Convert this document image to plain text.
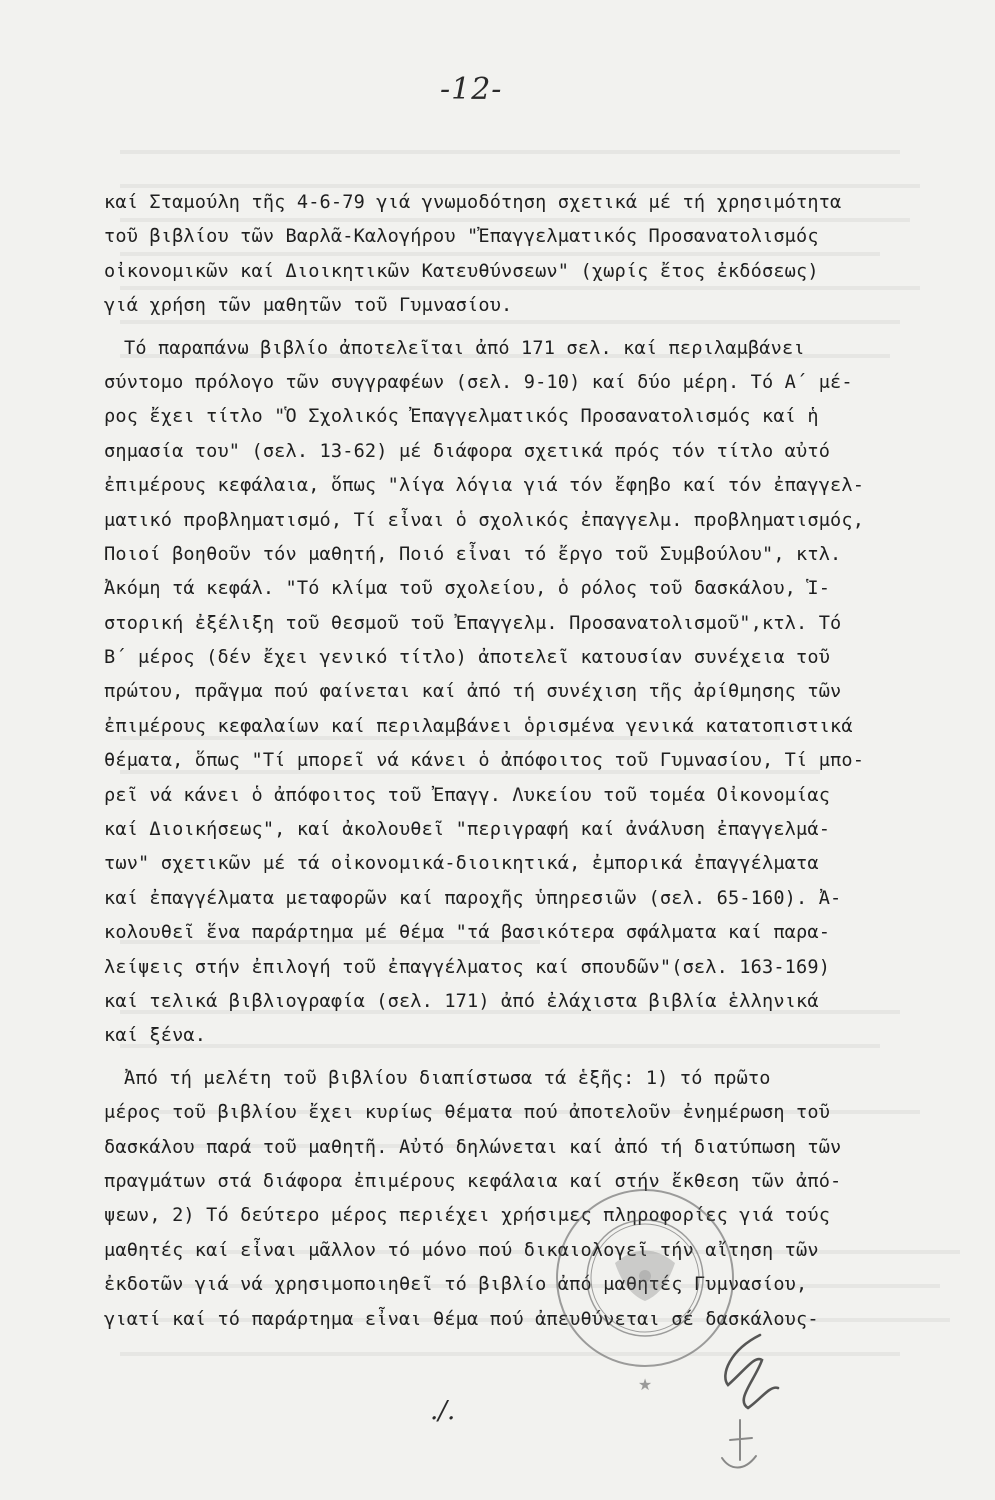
-12-
καί Σταμούλη τῆς 4-6-79 γιά γνωμοδότηση σχετικά μέ τή χρησιμότητα
τοῦ βιβλίου τῶν Βαρλᾶ-Καλογήρου "Ἐπαγγελματικός Προσανατολισμός
οἰκονομικῶν καί Διοικητικῶν Κατευθύνσεων" (χωρίς ἔτος ἐκδόσεως)
γιά χρήση τῶν μαθητῶν τοῦ Γυμνασίου.
Τό παραπάνω βιβλίο ἀποτελεῖται ἀπό 171 σελ. καί περιλαμβάνει
σύντομο πρόλογο τῶν συγγραφέων (σελ. 9-10) καί δύο μέρη. Τό Α΄ μέ-
ρος ἔχει τίτλο "Ὁ Σχολικός Ἐπαγγελματικός Προσανατολισμός καί ἡ
σημασία του" (σελ. 13-62) μέ διάφορα σχετικά πρός τόν τίτλο αὐτό
ἐπιμέρους κεφάλαια, ὅπως "λίγα λόγια γιά τόν ἔφηβο καί τόν ἐπαγγελ-
ματικό προβληματισμό, Τί εἶναι ὁ σχολικός ἐπαγγελμ. προβληματισμός,
Ποιοί βοηθοῦν τόν μαθητή, Ποιό εἶναι τό ἔργο τοῦ Συμβούλου", κτλ.
Ἀκόμη τά κεφάλ. "Τό κλίμα τοῦ σχολείου, ὁ ρόλος τοῦ δασκάλου, Ἱ-
στορική ἐξέλιξη τοῦ θεσμοῦ τοῦ Ἐπαγγελμ. Προσανατολισμοῦ",κτλ. Τό
Β΄ μέρος (δέν ἔχει γενικό τίτλο) ἀποτελεῖ κατουσίαν συνέχεια τοῦ
πρώτου, πρᾶγμα πού φαίνεται καί ἀπό τή συνέχιση τῆς ἀρίθμησης τῶν
ἐπιμέρους κεφαλαίων καί περιλαμβάνει ὁρισμένα γενικά κατατοπιστικά
θέματα, ὅπως "Τί μπορεῖ νά κάνει ὁ ἀπόφοιτος τοῦ Γυμνασίου, Τί μπο-
ρεῖ νά κάνει ὁ ἀπόφοιτος τοῦ Ἐπαγγ. Λυκείου τοῦ τομέα Οἰκονομίας
καί Διοικήσεως", καί ἀκολουθεῖ "περιγραφή καί ἀνάλυση ἐπαγγελμά-
των" σχετικῶν μέ τά οἰκονομικά-διοικητικά, ἐμπορικά ἐπαγγέλματα
καί ἐπαγγέλματα μεταφορῶν καί παροχῆς ὑπηρεσιῶν (σελ. 65-160). Ἀ-
κολουθεῖ ἕνα παράρτημα μέ θέμα "τά βασικότερα σφάλματα καί παρα-
λείψεις στήν ἐπιλογή τοῦ ἐπαγγέλματος καί σπουδῶν"(σελ. 163-169)
καί τελικά βιβλιογραφία (σελ. 171) ἀπό ἐλάχιστα βιβλία ἑλληνικά
καί ξένα.
Ἀπό τή μελέτη τοῦ βιβλίου διαπίστωσα τά ἑξῆς: 1) τό πρῶτο
μέρος τοῦ βιβλίου ἔχει κυρίως θέματα πού ἀποτελοῦν ἐνημέρωση τοῦ
δασκάλου παρά τοῦ μαθητῆ. Αὐτό δηλώνεται καί ἀπό τή διατύπωση τῶν
πραγμάτων στά διάφορα ἐπιμέρους κεφάλαια καί στήν ἔκθεση τῶν ἀπό-
ψεων, 2) Τό δεύτερο μέρος περιέχει χρήσιμες πληροφορίες γιά τούς
μαθητές καί εἶναι μᾶλλον τό μόνο πού δικαιολογεῖ τήν αἴτηση τῶν
ἐκδοτῶν γιά νά χρησιμοποιηθεῖ τό βιβλίο ἀπό μαθητές Γυμνασίου,
γιατί καί τό παράρτημα εἶναι θέμα πού ἀπευθύνεται σέ δασκάλους-
★
./.
